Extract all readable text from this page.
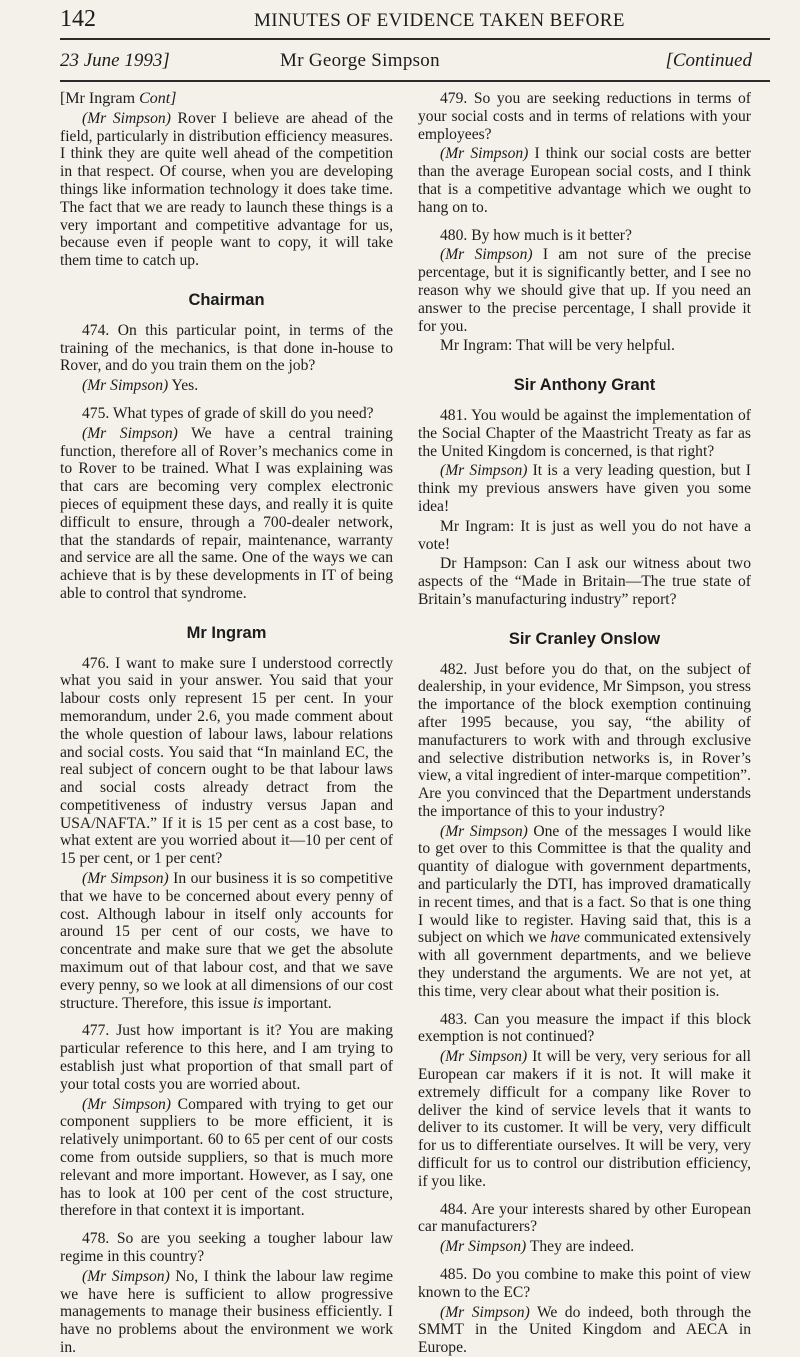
142	MINUTES OF EVIDENCE TAKEN BEFORE
23 June 1993]	Mr George Simpson	[Continued
[Mr Ingram Cont]

(Mr Simpson) Rover I believe are ahead of the field, particularly in distribution efficiency measures. I think they are quite well ahead of the competition in that respect. Of course, when you are developing things like information technology it does take time. The fact that we are ready to launch these things is a very important and competitive advantage for us, because even if people want to copy, it will take them time to catch up.

Chairman

474. On this particular point, in terms of the training of the mechanics, is that done in-house to Rover, and do you train them on the job?

(Mr Simpson) Yes.

475. What types of grade of skill do you need?

(Mr Simpson) We have a central training function, therefore all of Rover’s mechanics come in to Rover to be trained. What I was explaining was that cars are becoming very complex electronic pieces of equipment these days, and really it is quite difficult to ensure, through a 700-dealer network, that the standards of repair, maintenance, warranty and service are all the same. One of the ways we can achieve that is by these developments in IT of being able to control that syndrome.

Mr Ingram

476. I want to make sure I understood correctly what you said in your answer. You said that your labour costs only represent 15 per cent. In your memorandum, under 2.6, you made comment about the whole question of labour laws, labour relations and social costs. You said that “In mainland EC, the real subject of concern ought to be that labour laws and social costs already detract from the competitiveness of industry versus Japan and USA/NAFTA.” If it is 15 per cent as a cost base, to what extent are you worried about it—10 per cent of 15 per cent, or 1 per cent?

(Mr Simpson) In our business it is so competitive that we have to be concerned about every penny of cost. Although labour in itself only accounts for around 15 per cent of our costs, we have to concentrate and make sure that we get the absolute maximum out of that labour cost, and that we save every penny, so we look at all dimensions of our cost structure. Therefore, this issue is important.

477. Just how important is it? You are making particular reference to this here, and I am trying to establish just what proportion of that small part of your total costs you are worried about.

(Mr Simpson) Compared with trying to get our component suppliers to be more efficient, it is relatively unimportant. 60 to 65 per cent of our costs come from outside suppliers, so that is much more relevant and more important. However, as I say, one has to look at 100 per cent of the cost structure, therefore in that context it is important.

478. So are you seeking a tougher labour law regime in this country?

(Mr Simpson) No, I think the labour law regime we have here is sufficient to allow progressive managements to manage their business efficiently. I have no problems about the environment we work in.

479. So you are seeking reductions in terms of your social costs and in terms of relations with your employees?

(Mr Simpson) I think our social costs are better than the average European social costs, and I think that is a competitive advantage which we ought to hang on to.

480. By how much is it better?

(Mr Simpson) I am not sure of the precise percentage, but it is significantly better, and I see no reason why we should give that up. If you need an answer to the precise percentage, I shall provide it for you.

Mr Ingram: That will be very helpful.

Sir Anthony Grant

481. You would be against the implementation of the Social Chapter of the Maastricht Treaty as far as the United Kingdom is concerned, is that right?

(Mr Simpson) It is a very leading question, but I think my previous answers have given you some idea!

Mr Ingram: It is just as well you do not have a vote!

Dr Hampson: Can I ask our witness about two aspects of the “Made in Britain—The true state of Britain’s manufacturing industry” report?

Sir Cranley Onslow

482. Just before you do that, on the subject of dealership, in your evidence, Mr Simpson, you stress the importance of the block exemption continuing after 1995 because, you say, “the ability of manufacturers to work with and through exclusive and selective distribution networks is, in Rover’s view, a vital ingredient of inter-marque competition”. Are you convinced that the Department understands the importance of this to your industry?

(Mr Simpson) One of the messages I would like to get over to this Committee is that the quality and quantity of dialogue with government departments, and particularly the DTI, has improved dramatically in recent times, and that is a fact. So that is one thing I would like to register. Having said that, this is a subject on which we have communicated extensively with all government departments, and we believe they understand the arguments. We are not yet, at this time, very clear about what their position is.

483. Can you measure the impact if this block exemption is not continued?

(Mr Simpson) It will be very, very serious for all European car makers if it is not. It will make it extremely difficult for a company like Rover to deliver the kind of service levels that it wants to deliver to its customer. It will be very, very difficult for us to differentiate ourselves. It will be very, very difficult for us to control our distribution efficiency, if you like.

484. Are your interests shared by other European car manufacturers?

(Mr Simpson) They are indeed.

485. Do you combine to make this point of view known to the EC?

(Mr Simpson) We do indeed, both through the SMMT in the United Kingdom and AECA in Europe.
